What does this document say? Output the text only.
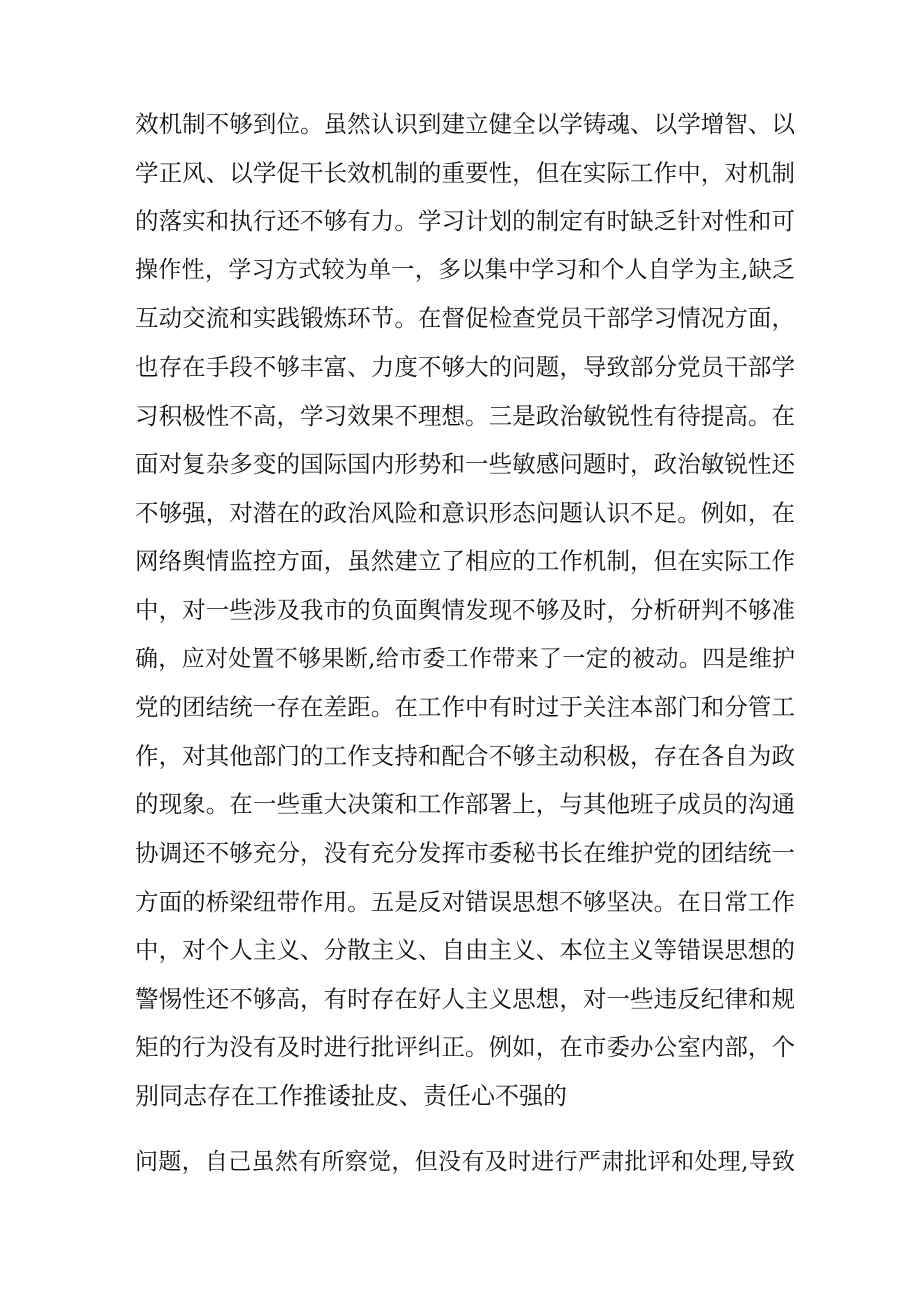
效机制不够到位。虽然认识到建立健全以学铸魂、以学增智、以
学正风、以学促干长效机制的重要性，但在实际工作中，对机制
的落实和执行还不够有力。学习计划的制定有时缺乏针对性和可
操作性，学习方式较为单一，多以集中学习和个人自学为主,缺乏
互动交流和实践锻炼环节。在督促检查党员干部学习情况方面，
也存在手段不够丰富、力度不够大的问题，导致部分党员干部学
习积极性不高，学习效果不理想。三是政治敏锐性有待提高。在
面对复杂多变的国际国内形势和一些敏感问题时，政治敏锐性还
不够强，对潜在的政治风险和意识形态问题认识不足。例如，在
网络舆情监控方面，虽然建立了相应的工作机制，但在实际工作
中，对一些涉及我市的负面舆情发现不够及时，分析研判不够准
确，应对处置不够果断,给市委工作带来了一定的被动。四是维护
党的团结统一存在差距。在工作中有时过于关注本部门和分管工
作，对其他部门的工作支持和配合不够主动积极，存在各自为政
的现象。在一些重大决策和工作部署上，与其他班子成员的沟通
协调还不够充分，没有充分发挥市委秘书长在维护党的团结统一
方面的桥梁纽带作用。五是反对错误思想不够坚决。在日常工作
中，对个人主义、分散主义、自由主义、本位主义等错误思想的
警惕性还不够高，有时存在好人主义思想，对一些违反纪律和规
矩的行为没有及时进行批评纠正。例如，在市委办公室内部，个
别同志存在工作推诿扯皮、责任心不强的
问题，自己虽然有所察觉，但没有及时进行严肃批评和处理,导致
